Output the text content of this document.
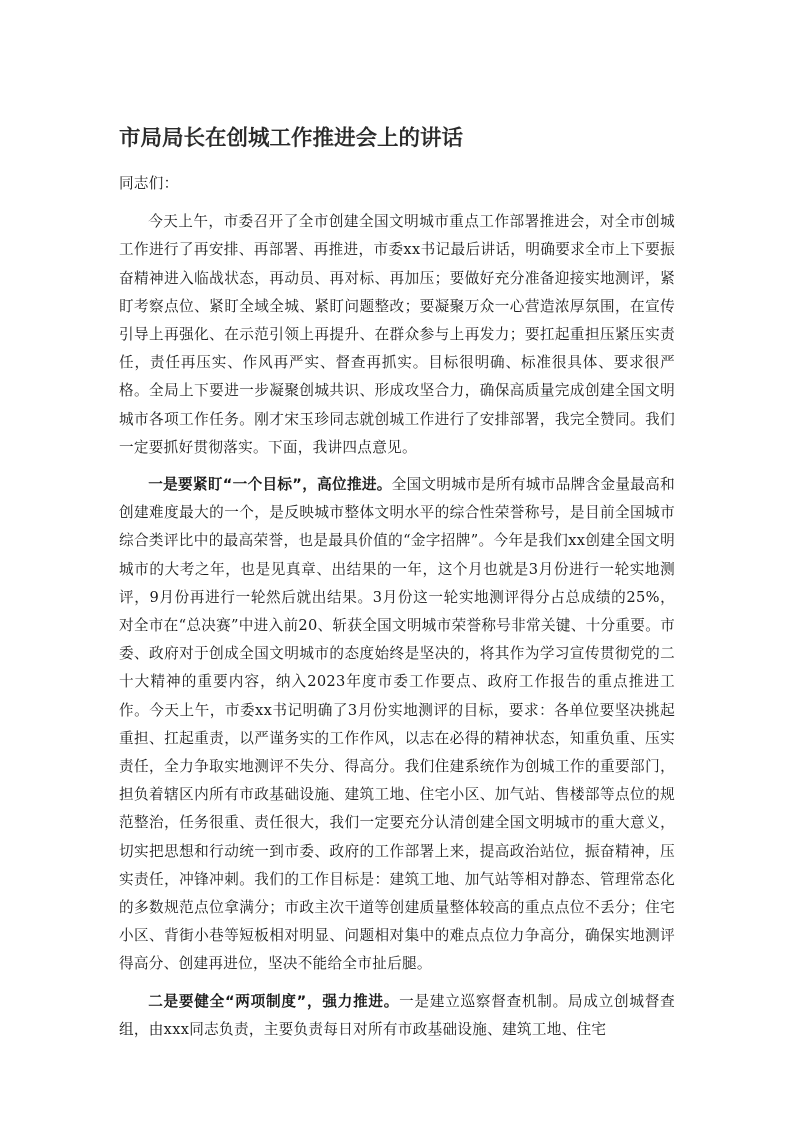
市局局长在创城工作推进会上的讲话

同志们：

今天上午，市委召开了全市创建全国文明城市重点工作部署推进会，对全市创城工作进行了再安排、再部署、再推进，市委xx书记最后讲话，明确要求全市上下要振奋精神进入临战状态，再动员、再对标、再加压；要做好充分准备迎接实地测评，紧盯考察点位、紧盯全域全城、紧盯问题整改；要凝聚万众一心营造浓厚氛围，在宣传引导上再强化、在示范引领上再提升、在群众参与上再发力；要扛起重担压紧压实责任，责任再压实、作风再严实、督查再抓实。目标很明确、标准很具体、要求很严格。全局上下要进一步凝聚创城共识、形成攻坚合力，确保高质量完成创建全国文明城市各项工作任务。刚才宋玉珍同志就创城工作进行了安排部署，我完全赞同。我们一定要抓好贯彻落实。下面，我讲四点意见。

一是要紧盯“一个目标”，高位推进。全国文明城市是所有城市品牌含金量最高和创建难度最大的一个，是反映城市整体文明水平的综合性荣誉称号，是目前全国城市综合类评比中的最高荣誉，也是最具价值的“金字招牌”。今年是我们xx创建全国文明城市的大考之年，也是见真章、出结果的一年，这个月也就是3月份进行一轮实地测评，9月份再进行一轮然后就出结果。3月份这一轮实地测评得分占总成绩的25%，对全市在“总决赛”中进入前20、斩获全国文明城市荣誉称号非常关键、十分重要。市委、政府对于创成全国文明城市的态度始终是坚决的，将其作为学习宣传贯彻党的二十大精神的重要内容，纳入2023年度市委工作要点、政府工作报告的重点推进工作。今天上午，市委xx书记明确了3月份实地测评的目标，要求：各单位要坚决挑起重担、扛起重责，以严谨务实的工作作风，以志在必得的精神状态，知重负重、压实责任，全力争取实地测评不失分、得高分。我们住建系统作为创城工作的重要部门，担负着辖区内所有市政基础设施、建筑工地、住宅小区、加气站、售楼部等点位的规范整治，任务很重、责任很大，我们一定要充分认清创建全国文明城市的重大意义，切实把思想和行动统一到市委、政府的工作部署上来，提高政治站位，振奋精神，压实责任，冲锋冲刺。我们的工作目标是：建筑工地、加气站等相对静态、管理常态化的多数规范点位拿满分；市政主次干道等创建质量整体较高的重点点位不丢分；住宅小区、背街小巷等短板相对明显、问题相对集中的难点点位力争高分，确保实地测评得高分、创建再进位，坚决不能给全市扯后腿。

二是要健全“两项制度”，强力推进。一是建立巡察督查机制。局成立创城督查组，由xxx同志负责，主要负责每日对所有市政基础设施、建筑工地、住宅
